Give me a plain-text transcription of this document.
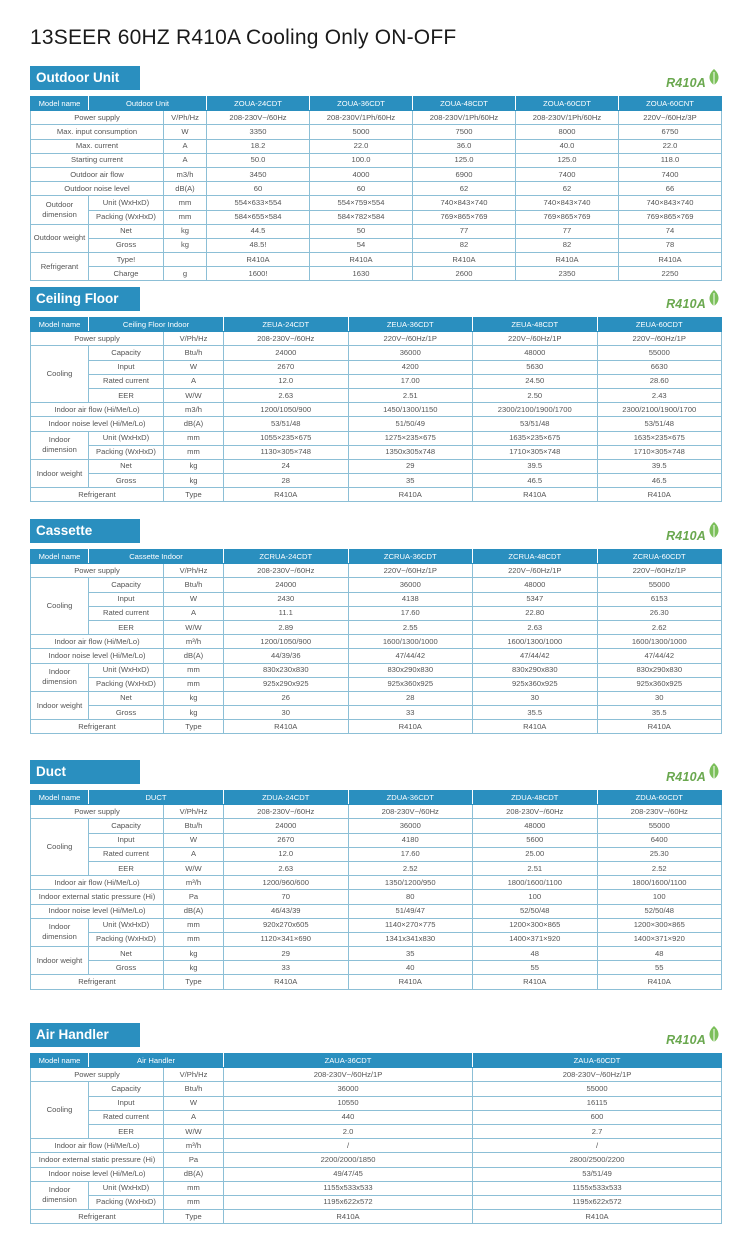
13SEER 60HZ R410A Cooling Only ON-OFF
Outdoor Unit	R410A
Model name	Outdoor Unit		ZOUA-24CDT	ZOUA-36CDT	ZOUA-48CDT	ZOUA-60CDT	ZOUA-60CNT
Power supply		V/Ph/Hz	208-230V~/60Hz	208-230V/1Ph/60Hz	208-230V/1Ph/60Hz	208-230V/1Ph/60Hz	220V~/60Hz/3P
Max. input consumption		W	3350	5000	7500	8000	6750
Max. current		A	18.2	22.0	36.0	40.0	22.0
Starting current		A	50.0	100.0	125.0	125.0	118.0
Outdoor air flow		m3/h	3450	4000	6900	7400	7400
Outdoor noise level		dB(A)	60	60	62	62	66
Outdoor dimension	Unit (WxHxD)	mm	554×633×554	554×759×554	740×843×740	740×843×740	740×843×740
	Packing (WxHxD)	mm	584×655×584	584×782×584	769×865×769	769×865×769	769×865×769
Outdoor weight	Net	kg	44.5	50	77	77	74
	Gross	kg	48.5!	54	82	82	78
Refrigerant	Type!		R410A	R410A	R410A	R410A	R410A
	Charge	g	1600!	1630	2600	2350	2250
Ceiling Floor	R410A
Model name	Ceiling Floor Indoor		ZEUA-24CDT	ZEUA-36CDT	ZEUA-48CDT	ZEUA-60CDT
Power supply		V/Ph/Hz	208-230V~/60Hz	220V~/60Hz/1P	220V~/60Hz/1P	220V~/60Hz/1P
Cooling	Capacity	Btu/h	24000	36000	48000	55000
	Input	W	2670	4200	5630	6630
	Rated current	A	12.0	17.00	24.50	28.60
	EER	W/W	2.63	2.51	2.50	2.43
Indoor air flow (Hi/Me/Lo)		m3/h	1200/1050/900	1450/1300/1150	2300/2100/1900/1700	2300/2100/1900/1700
Indoor noise level (Hi/Me/Lo)		dB(A)	53/51/48	51/50/49	53/51/48	53/51/48
Indoor dimension	Unit (WxHxD)	mm	1055×235×675	1275×235×675	1635×235×675	1635×235×675
	Packing (WxHxD)	mm	1130×305×748	1350x305x748	1710×305×748	1710×305×748
Indoor weight	Net	kg	24	29	39.5	39.5
	Gross	kg	28	35	46.5	46.5
Refrigerant		Type	R410A	R410A	R410A	R410A
Cassette	R410A
Model name	Cassette Indoor		ZCRUA-24CDT	ZCRUA-36CDT	ZCRUA-48CDT	ZCRUA-60CDT
Power supply		V/Ph/Hz	208-230V~/60Hz	220V~/60Hz/1P	220V~/60Hz/1P	220V~/60Hz/1P
Cooling	Capacity	Btu/h	24000	36000	48000	55000
	Input	W	2430	4138	5347	6153
	Rated current	A	11.1	17.60	22.80	26.30
	EER	W/W	2.89	2.55	2.63	2.62
Indoor air flow (Hi/Me/Lo)		m³/h	1200/1050/900	1600/1300/1000	1600/1300/1000	1600/1300/1000
Indoor noise level (Hi/Me/Lo)		dB(A)	44/39/36	47/44/42	47/44/42	47/44/42
Indoor dimension	Unit (WxHxD)	mm	830x230x830	830x290x830	830x290x830	830x290x830
	Packing (WxHxD)	mm	925x290x925	925x360x925	925x360x925	925x360x925
Indoor weight	Net	kg	26	28	30	30
	Gross	kg	30	33	35.5	35.5
Refrigerant		Type	R410A	R410A	R410A	R410A
Duct	R410A
Model name	DUCT		ZDUA-24CDT	ZDUA-36CDT	ZDUA-48CDT	ZDUA-60CDT
Power supply		V/Ph/Hz	208-230V~/60Hz	208-230V~/60Hz	208-230V~/60Hz	208-230V~/60Hz
Cooling	Capacity	Btu/h	24000	36000	48000	55000
	Input	W	2670	4180	5600	6400
	Rated current	A	12.0	17.60	25.00	25.30
	EER	W/W	2.63	2.52	2.51	2.52
Indoor air flow (Hi/Me/Lo)		m³/h	1200/960/600	1350/1200/950	1800/1600/1100	1800/1600/1100
Indoor external static pressure (Hi)		Pa	70	80	100	100
Indoor noise level (Hi/Me/Lo)		dB(A)	46/43/39	51/49/47	52/50/48	52/50/48
Indoor dimension	Unit (WxHxD)	mm	920x270x605	1140×270×775	1200×300×865	1200×300×865
	Packing (WxHxD)	mm	1120×341×690	1341x341x830	1400×371×920	1400×371×920
Indoor weight	Net	kg	29	35	48	48
	Gross	kg	33	40	55	55
Refrigerant		Type	R410A	R410A	R410A	R410A
Air Handler	R410A
Model name	Air Handler		ZAUA-36CDT	ZAUA-60CDT
Power supply		V/Ph/Hz	208-230V~/60Hz/1P	208-230V~/60Hz/1P
Cooling	Capacity	Btu/h	36000	55000
	Input	W	10550	16115
	Rated current	A	440	600
	EER	W/W	2.0	2.7
Indoor air flow (Hi/Me/Lo)		m³/h	/	/
Indoor external static pressure (Hi)		Pa	2200/2000/1850	2800/2500/2200
Indoor noise level (Hi/Me/Lo)		dB(A)	49/47/45	53/51/49
Indoor dimension	Unit (WxHxD)	mm	1155x533x533	1155x533x533
	Packing (WxHxD)	mm	1195x622x572	1195x622x572
Refrigerant		Type	R410A	R410A
